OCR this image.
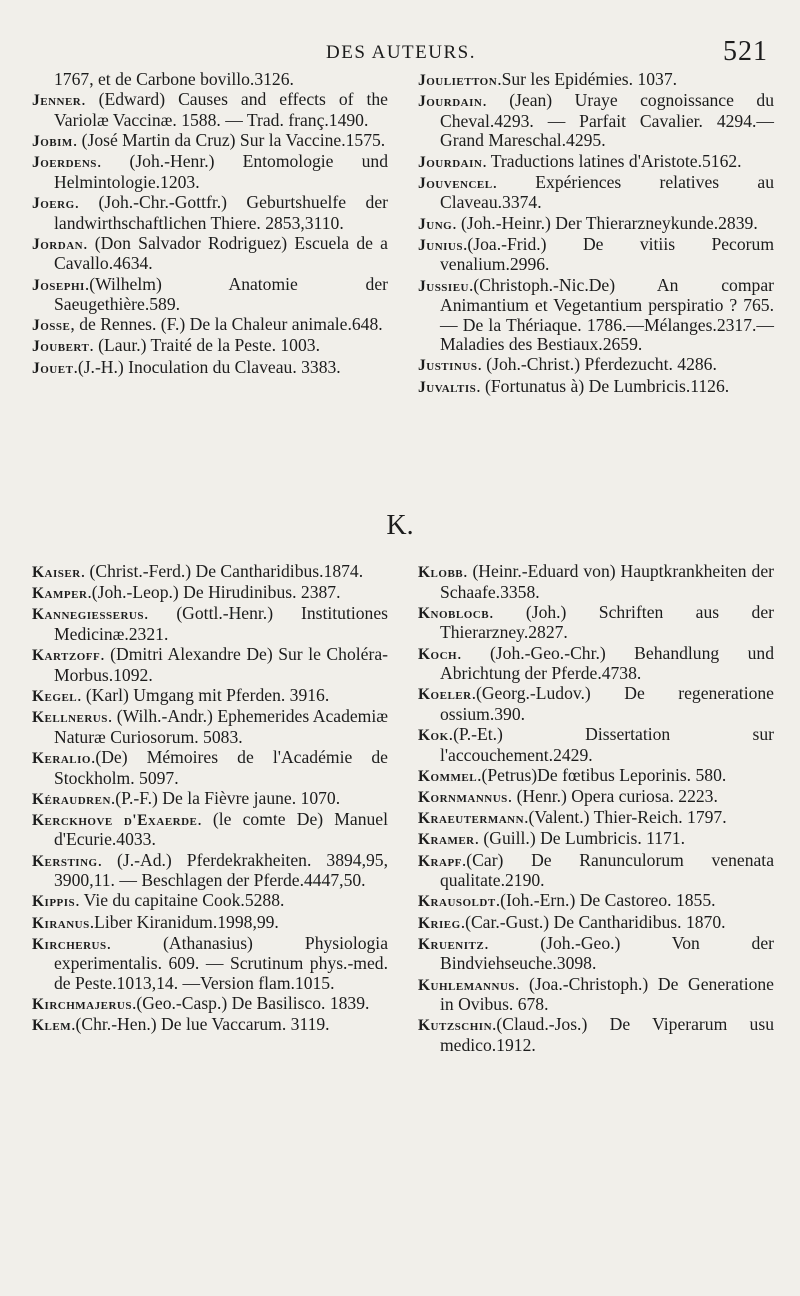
DES AUTEURS.	521

1767, et de Carbone bovillo.3126.

Jenner. (Edward) Causes and effects of the Variolæ Vaccinæ. 1588. — Trad. franç.1490.

Jobim. (José Martin da Cruz) Sur la Vaccine.1575.

Joerdens. (Joh.-Henr.) Entomologie und Helmintologie.1203.

Joerg. (Joh.-Chr.-Gottfr.) Geburtshuelfe der landwirthschaftlichen Thiere. 2853,3110.

Jordan. (Don Salvador Rodriguez) Escuela de a Cavallo.4634.

Josephi.(Wilhelm) Anatomie der Saeugethière.589.

Josse, de Rennes. (F.) De la Chaleur animale.648.

Joubert. (Laur.) Traité de la Peste. 1003.

Jouet.(J.-H.) Inoculation du Claveau. 3383.

Joulietton.Sur les Epidémies. 1037.

Jourdain. (Jean) Uraye cognoissance du Cheval.4293. — Parfait Cavalier. 4294.—Grand Mareschal.4295.

Jourdain. Traductions latines d'Aristote.5162.

Jouvencel. Expériences relatives au Claveau.3374.

Jung. (Joh.-Heinr.) Der Thierarzneykunde.2839.

Junius.(Joa.-Frid.) De vitiis Pecorum venalium.2996.

Jussieu.(Christoph.-Nic.De) An compar Animantium et Vegetantium perspiratio ? 765. — De la Thériaque. 1786.—Mélanges.2317.—Maladies des Bestiaux.2659.

Justinus. (Joh.-Christ.) Pferdezucht. 4286.

Juvaltis. (Fortunatus à) De Lumbricis.1126.

K.

Kaiser. (Christ.-Ferd.) De Cantharidibus.1874.

Kamper.(Joh.-Leop.) De Hirudinibus. 2387.

Kannegiesserus. (Gottl.-Henr.) Institutiones Medicinæ.2321.

Kartzoff. (Dmitri Alexandre De) Sur le Choléra-Morbus.1092.

Kegel. (Karl) Umgang mit Pferden. 3916.

Kellnerus. (Wilh.-Andr.) Ephemerides Academiæ Naturæ Curiosorum. 5083.

Keralio.(De) Mémoires de l'Académie de Stockholm. 5097.

Kéraudren.(P.-F.) De la Fièvre jaune. 1070.

Kerckhove d'Exaerde. (le comte De) Manuel d'Ecurie.4033.

Kersting. (J.-Ad.) Pferdekrakheiten. 3894,95, 3900,11. — Beschlagen der Pferde.4447,50.

Kippis. Vie du capitaine Cook.5288.

Kiranus.Liber Kiranidum.1998,99.

Kircherus. (Athanasius) Physiologia experimentalis. 609. — Scrutinum phys.-med. de Peste.1013,14. —Version flam.1015.

Kirchmajerus.(Geo.-Casp.) De Basilisco. 1839.

Klem.(Chr.-Hen.) De lue Vaccarum. 3119.

Klobb. (Heinr.-Eduard von) Hauptkrankheiten der Schaafe.3358.

Knoblocb. (Joh.) Schriften aus der Thierarzney.2827.

Koch. (Joh.-Geo.-Chr.) Behandlung und Abrichtung der Pferde.4738.

Koeler.(Georg.-Ludov.) De regeneratione ossium.390.

Kok.(P.-Et.) Dissertation sur l'accouchement.2429.

Kommel.(Petrus)De fœtibus Leporinis. 580.

Kornmannus. (Henr.) Opera curiosa. 2223.

Kraeutermann.(Valent.) Thier-Reich. 1797.

Kramer. (Guill.) De Lumbricis. 1171.

Krapf.(Car) De Ranunculorum venenata qualitate.2190.

Krausoldt.(Ioh.-Ern.) De Castoreo. 1855.

Krieg.(Car.-Gust.) De Cantharidibus. 1870.

Kruenitz. (Joh.-Geo.) Von der Bindviehseuche.3098.

Kuhlemannus. (Joa.-Christoph.) De Generatione in Ovibus. 678.

Kutzschin.(Claud.-Jos.) De Viperarum usu medico.1912.
